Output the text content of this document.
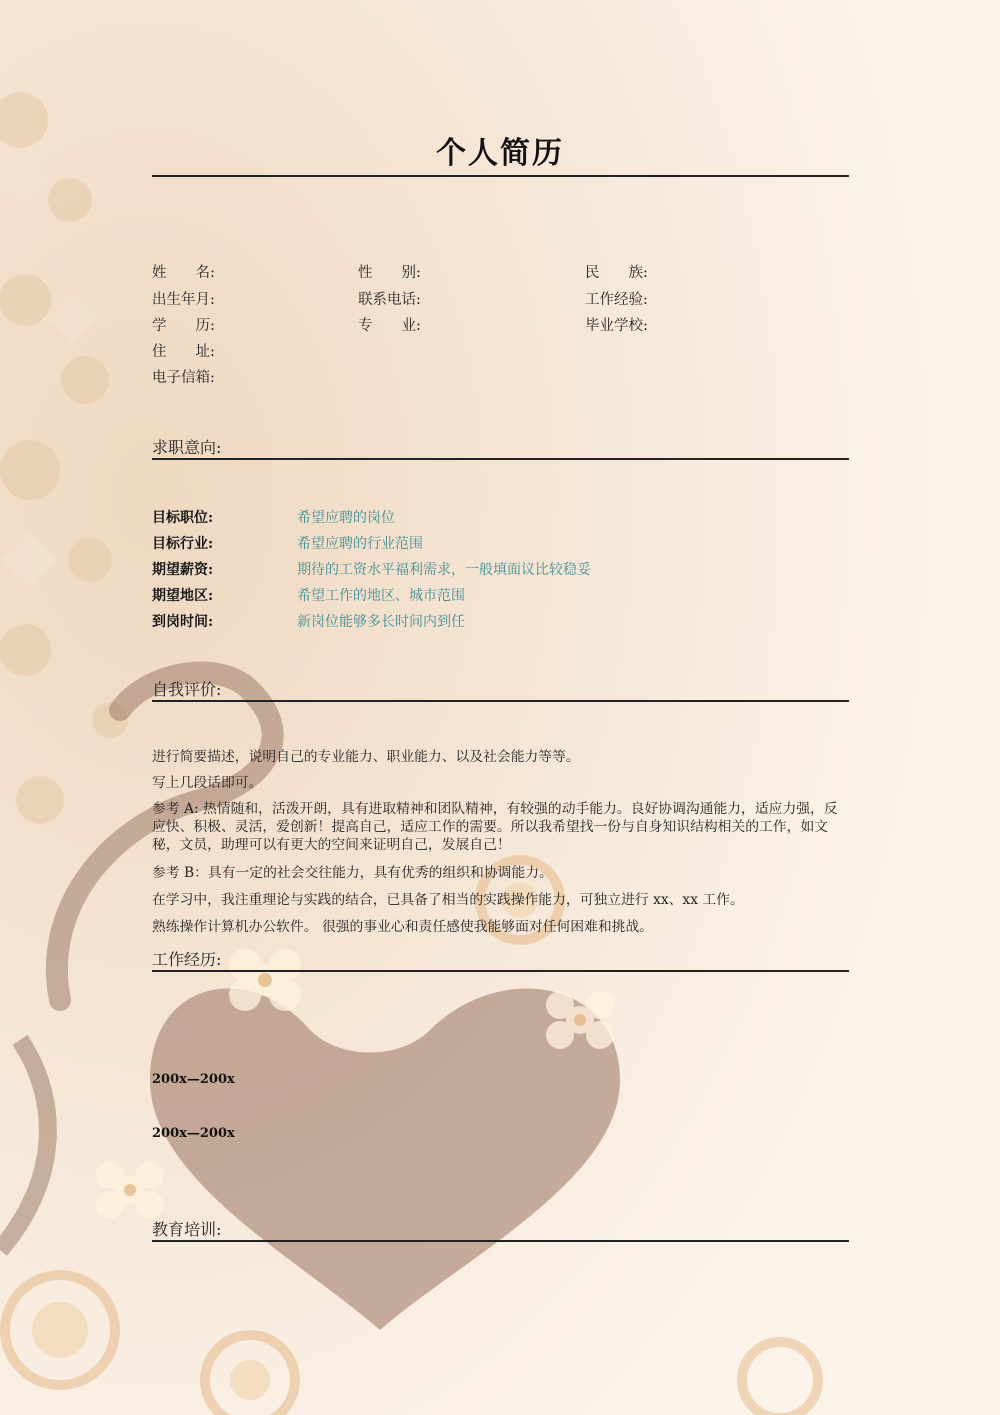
个人简历
姓　　名:	性　　别:	民　　族:
出生年月:	联系电话:	工作经验:
学　　历:	专　　业:	毕业学校:
住　　址:
电子信箱:
求职意向:
目标职位:	希望应聘的岗位
目标行业:	希望应聘的行业范围
期望薪资:	期待的工资水平福利需求，一般填面议比较稳妥
期望地区:	希望工作的地区、城市范围
到岗时间:	新岗位能够多长时间内到任
自我评价:
进行简要描述，说明自己的专业能力、职业能力、以及社会能力等等。
写上几段话即可。
参考 A: 热情随和，活泼开朗，具有进取精神和团队精神，有较强的动手能力。良好协调沟通能力，适应力强，反应快、积极、灵活，爱创新！提高自己，适应工作的需要。所以我希望找一份与自身知识结构相关的工作，如文秘，文员，助理可以有更大的空间来证明自己，发展自己！
参考 B：具有一定的社会交往能力，具有优秀的组织和协调能力。
在学习中，我注重理论与实践的结合，已具备了相当的实践操作能力，可独立进行 xx、xx 工作。
熟练操作计算机办公软件。 很强的事业心和责任感使我能够面对任何困难和挑战。
工作经历:
200x—200x
200x—200x
教育培训:
